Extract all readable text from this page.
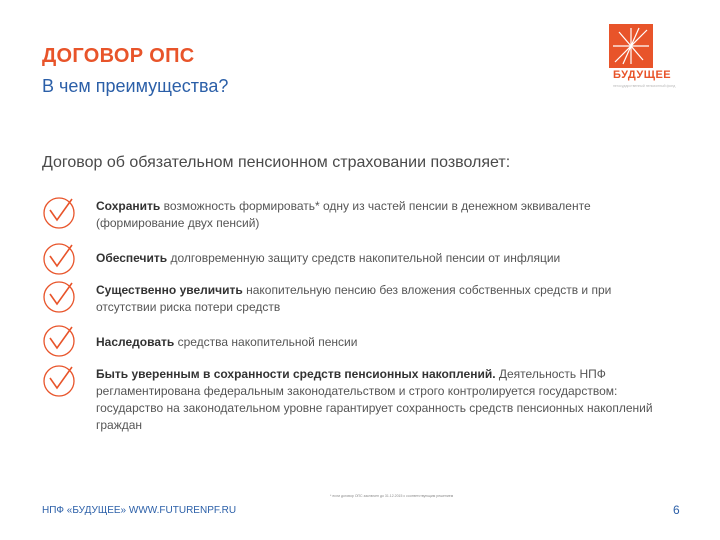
ДОГОВОР ОПС
В чем преимущества?
БУДУЩЕЕ
негосударственный пенсионный фонд
Договор об обязательном пенсионном страховании позволяет:
Сохранить возможность формировать* одну из частей пенсии в денежном эквиваленте (формирование двух пенсий)
Обеспечить долговременную защиту средств накопительной пенсии от инфляции
Существенно увеличить накопительную пенсию без вложения собственных средств и при отсутствии риска потери средств
Наследовать средства накопительной пенсии
Быть уверенным в сохранности средств пенсионных накоплений. Деятельность НПФ регламентирована федеральным законодательством и строго контролируется государством: государство на законодательном уровне гарантирует сохранность средств пенсионных накоплений граждан
* если договор ОПС заключен до 31.12.2015 с соответствующим решением
НПФ «БУДУЩЕЕ» WWW.FUTURENPF.RU	6
